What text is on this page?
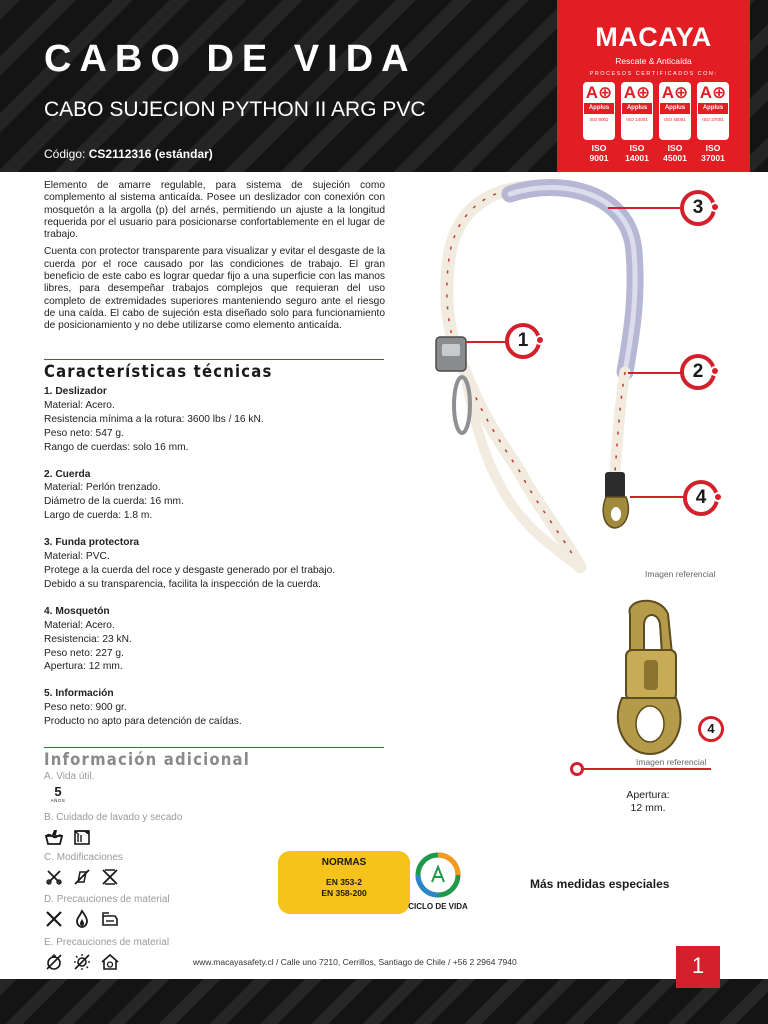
CABO DE VIDA
CABO SUJECION PYTHON II ARG PVC
Código: CS2112316 (estándar)
MACAYA
Rescate & Anticaída
PROCESOS CERTIFICADOS CON:
A⊕
Applus
ISO 9001
A⊕
Applus
ISO 14001
A⊕
Applus
ISO 45001
A⊕
Applus
ISO 37001
ISO
9001
ISO
14001
ISO
45001
ISO
37001

Elemento de amarre regulable, para sistema de sujeción como complemento al sistema anticaída. Posee un deslizador con conexión con mosquetón a la argolla (p) del arnés, permitiendo un ajuste a la longitud requerida por el usuario para posicionarse confortablemente en el lugar de trabajo.

Cuenta con protector transparente para visualizar y evitar el desgaste de la cuerda por el roce causado por las condiciones de trabajo. El gran beneficio de este cabo es lograr quedar fijo a una superficie con las manos libres, para desempeñar trabajos complejos que requieran del uso completo de extremidades superiores manteniendo seguro ante el riesgo de una caída. El cabo de sujeción esta diseñado solo para funcionamiento de posicionamiento y no debe utilizarse como elemento anticaída.

Características técnicas
1. Deslizador
Material: Acero.
Resistencia mínima a la rotura: 3600 lbs / 16 kN.
Peso neto: 547 g.
Rango de cuerdas: solo 16 mm.
2. Cuerda
Material: Perlón trenzado.
Diámetro de la cuerda: 16 mm.
Largo de cuerda: 1.8 m.
3. Funda protectora
Material: PVC.
Protege a la cuerda del roce y desgaste generado por el trabajo.
Debido a su transparencia, facilita la inspección de la cuerda.
4. Mosquetón
Material: Acero.
Resistencia: 23 kN.
Peso neto: 227 g.
Apertura: 12 mm.
5. Información
Peso neto: 900 gr.
Producto no apto para detención de caídas.
Información adicional
A. Vida útil.
5
AÑOS
B. Cuidado de lavado y secado
C. Modificaciones
D. Precauciones de material
E. Precauciones de material
3
1
2
4
Imagen referencial
4
Imagen referencial
Apertura:
12 mm.
NORMAS
EN 353-2
EN 358-200
CICLO DE VIDA
Más medidas especiales
www.macayasafety.cl / Calle uno 7210, Cerrillos, Santiago de Chile / +56 2 2964 7940	1
